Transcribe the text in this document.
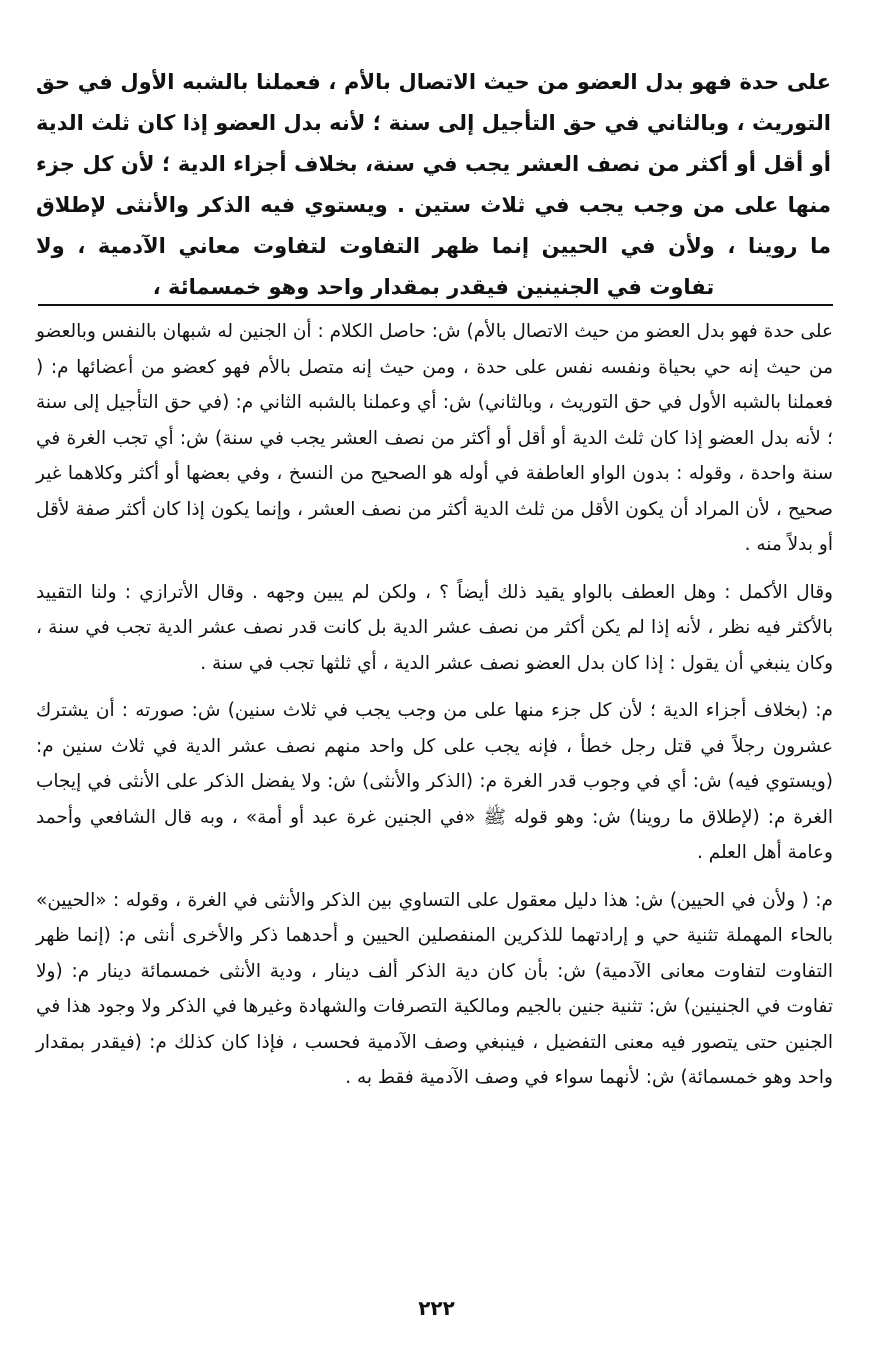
على حدة فهو بدل العضو من حيث الاتصال بالأم ، فعملنا بالشبه الأول في حق التوريث ، وبالثاني في حق التأجيل إلى سنة ؛ لأنه بدل العضو إذا كان ثلث الدية أو أقل أو أكثر من نصف العشر يجب في سنة، بخلاف أجزاء الدية ؛ لأن كل جزء منها على من وجب يجب في ثلاث ستين . ويستوي فيه الذكر والأنثى لإطلاق ما روينا ، ولأن في الحيين إنما ظهر التفاوت لتفاوت معاني الآدمية ، ولا تفاوت في الجنينين فيقدر بمقدار واحد وهو خمسمائة ،

على حدة فهو بدل العضو من حيث الاتصال بالأم) ش: حاصل الكلام : أن الجنين له شبهان بالنفس وبالعضو من حيث إنه حي بحياة ونفسه نفس على حدة ، ومن حيث إنه متصل بالأم فهو كعضو من أعضائها م: ( فعملنا بالشبه الأول في حق التوريث ، وبالثاني) ش: أي وعملنا بالشبه الثاني م: (في حق التأجيل إلى سنة ؛ لأنه بدل العضو إذا كان ثلث الدية أو أقل أو أكثر من نصف العشر يجب في سنة) ش: أي تجب الغرة في سنة واحدة ، وقوله : بدون الواو العاطفة في أوله هو الصحيح من النسخ ، وفي بعضها أو أكثر وكلاهما غير صحيح ، لأن المراد أن يكون الأقل من ثلث الدية أكثر من نصف العشر ، وإنما يكون إذا كان أكثر صفة لأقل أو بدلاً منه .

وقال الأكمل : وهل العطف بالواو يقيد ذلك أيضاً ؟ ، ولكن لم يبين وجهه . وقال الأترازي : ولنا التقييد بالأكثر فيه نظر ، لأنه إذا لم يكن أكثر من نصف عشر الدية بل كانت قدر نصف عشر الدية تجب في سنة ، وكان ينبغي أن يقول : إذا كان بدل العضو نصف عشر الدية ، أي ثلثها تجب في سنة .

م: (بخلاف أجزاء الدية ؛ لأن كل جزء منها على من وجب يجب في ثلاث سنين) ش: صورته : أن يشترك عشرون رجلاً في قتل رجل خطأ ، فإنه يجب على كل واحد منهم نصف عشر الدية في ثلاث سنين م: (ويستوي فيه) ش: أي في وجوب قدر الغرة م: (الذكر والأنثى) ش: ولا يفضل الذكر على الأنثى في إيجاب الغرة م: (لإطلاق ما روينا) ش: وهو قوله ﷺ «في الجنين غرة عبد أو أمة» ، وبه قال الشافعي وأحمد وعامة أهل العلم .

م: ( ولأن في الحيين) ش: هذا دليل معقول على التساوي بين الذكر والأنثى في الغرة ، وقوله : «الحيين» بالحاء المهملة تثنية حي و إرادتهما للذكرين المنفصلين الحيين و أحدهما ذكر والأخرى أنثى م: (إنما ظهر التفاوت لتفاوت معانى الآدمية) ش: بأن كان دية الذكر ألف دينار ، ودية الأنثى خمسمائة دينار م: (ولا تفاوت في الجنينين) ش: تثنية جنين بالجيم ومالكية التصرفات والشهادة وغيرها في الذكر ولا وجود هذا في الجنين حتى يتصور فيه معنى التفضيل ، فينبغي وصف الآدمية فحسب ، فإذا كان كذلك م: (فيقدر بمقدار واحد وهو خمسمائة) ش: لأنهما سواء في وصف الآدمية فقط به .

٢٢٢
